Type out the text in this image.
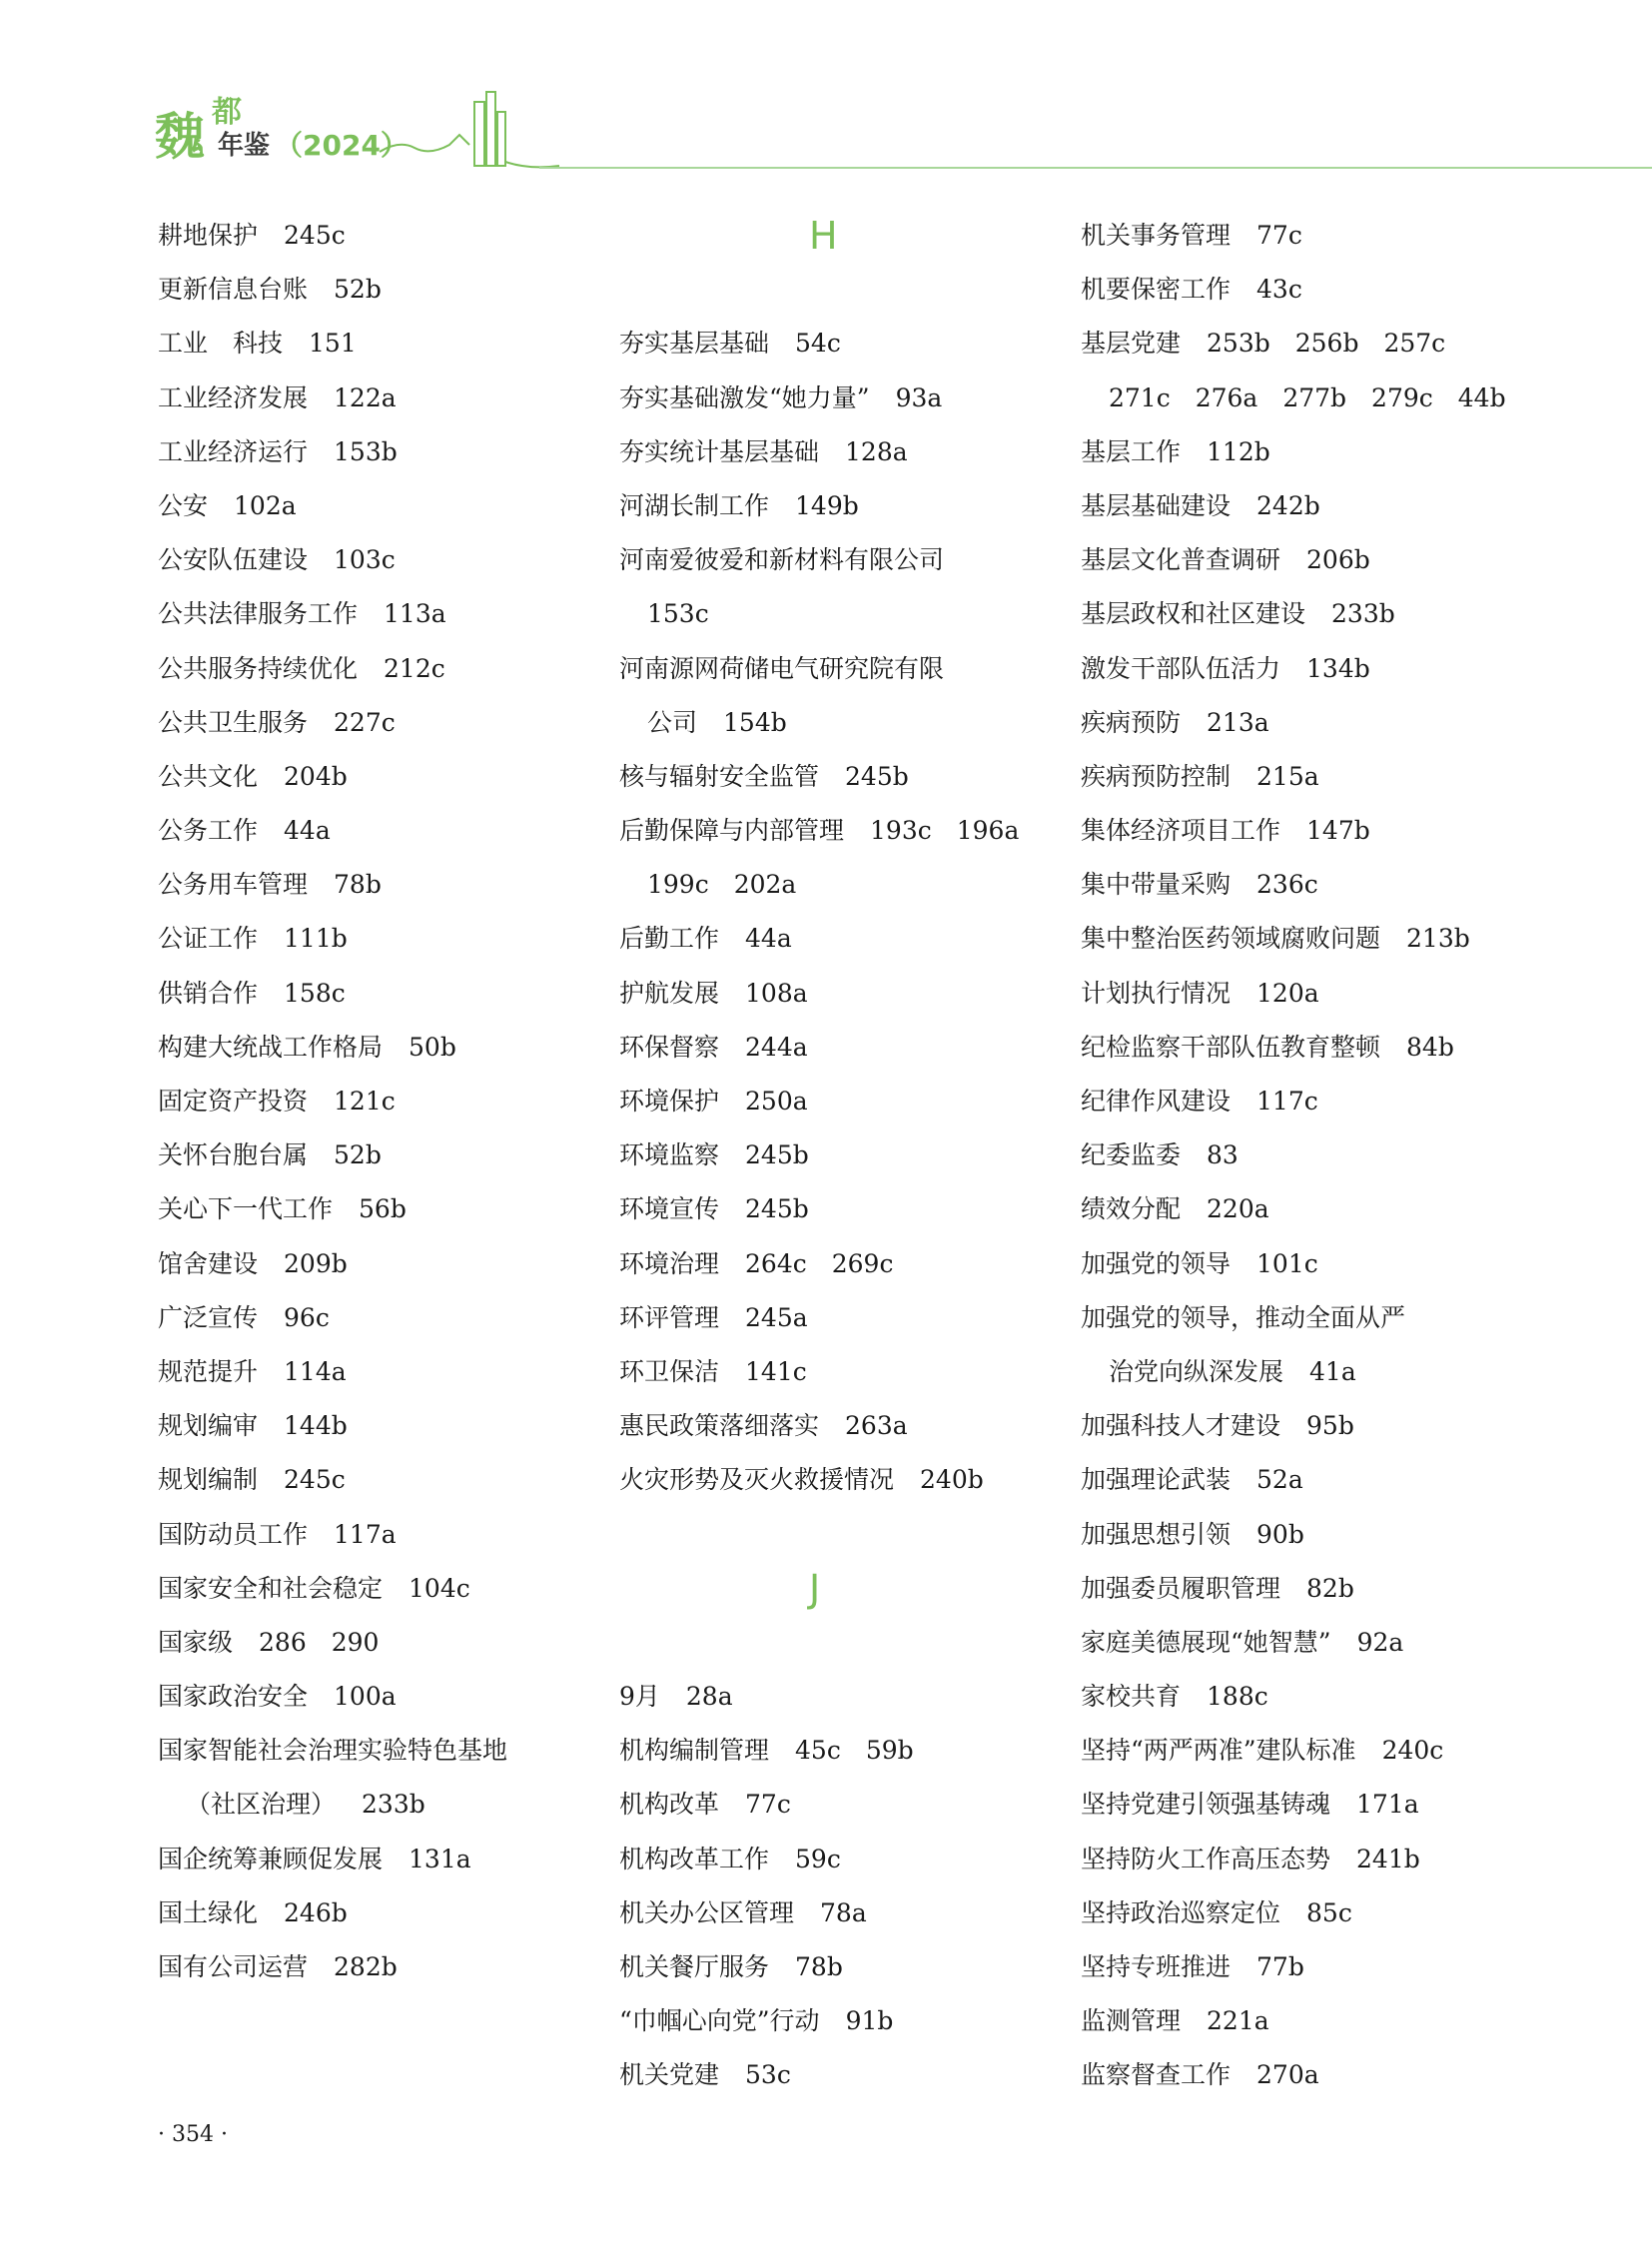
魏 都
年鉴 （2024）
耕地保护 245c
更新信息台账 52b
工业　科技 151
工业经济发展 122a
工业经济运行 153b
公安 102a
公安队伍建设 103c
公共法律服务工作 113a
公共服务持续优化 212c
公共卫生服务 227c
公共文化 204b
公务工作 44a
公务用车管理 78b
公证工作 111b
供销合作 158c
构建大统战工作格局 50b
固定资产投资 121c
关怀台胞台属 52b
关心下一代工作 56b
馆舍建设 209b
广泛宣传 96c
规范提升 114a
规划编审 144b
规划编制 245c
国防动员工作 117a
国家安全和社会稳定 104c
国家级 286　290
国家政治安全 100a
国家智能社会治理实验特色基地
（社区治理） 233b
国企统筹兼顾促发展 131a
国土绿化 246b
国有公司运营 282b
H
夯实基层基础 54c
夯实基础激发“她力量” 93a
夯实统计基层基础 128a
河湖长制工作 149b
河南爱彼爱和新材料有限公司
153c
河南源网荷储电气研究院有限
公司 154b
核与辐射安全监管 245b
后勤保障与内部管理 193c　196a
199c　202a
后勤工作 44a
护航发展 108a
环保督察 244a
环境保护 250a
环境监察 245b
环境宣传 245b
环境治理 264c　269c
环评管理 245a
环卫保洁 141c
惠民政策落细落实 263a
火灾形势及灭火救援情况 240b
J
9月 28a
机构编制管理 45c　59b
机构改革 77c
机构改革工作 59c
机关办公区管理 78a
机关餐厅服务 78b
“巾帼心向党”行动 91b
机关党建 53c
机关事务管理 77c
机要保密工作 43c
基层党建 253b　256b　257c
271c　276a　277b　279c　44b
基层工作 112b
基层基础建设 242b
基层文化普查调研 206b
基层政权和社区建设 233b
激发干部队伍活力 134b
疾病预防 213a
疾病预防控制 215a
集体经济项目工作 147b
集中带量采购 236c
集中整治医药领域腐败问题 213b
计划执行情况 120a
纪检监察干部队伍教育整顿 84b
纪律作风建设 117c
纪委监委 83
绩效分配 220a
加强党的领导 101c
加强党的领导，推动全面从严
治党向纵深发展 41a
加强科技人才建设 95b
加强理论武装 52a
加强思想引领 90b
加强委员履职管理 82b
家庭美德展现“她智慧” 92a
家校共育 188c
坚持“两严两准”建队标准 240c
坚持党建引领强基铸魂 171a
坚持防火工作高压态势 241b
坚持政治巡察定位 85c
坚持专班推进 77b
监测管理 221a
监察督查工作 270a
· 354 ·
